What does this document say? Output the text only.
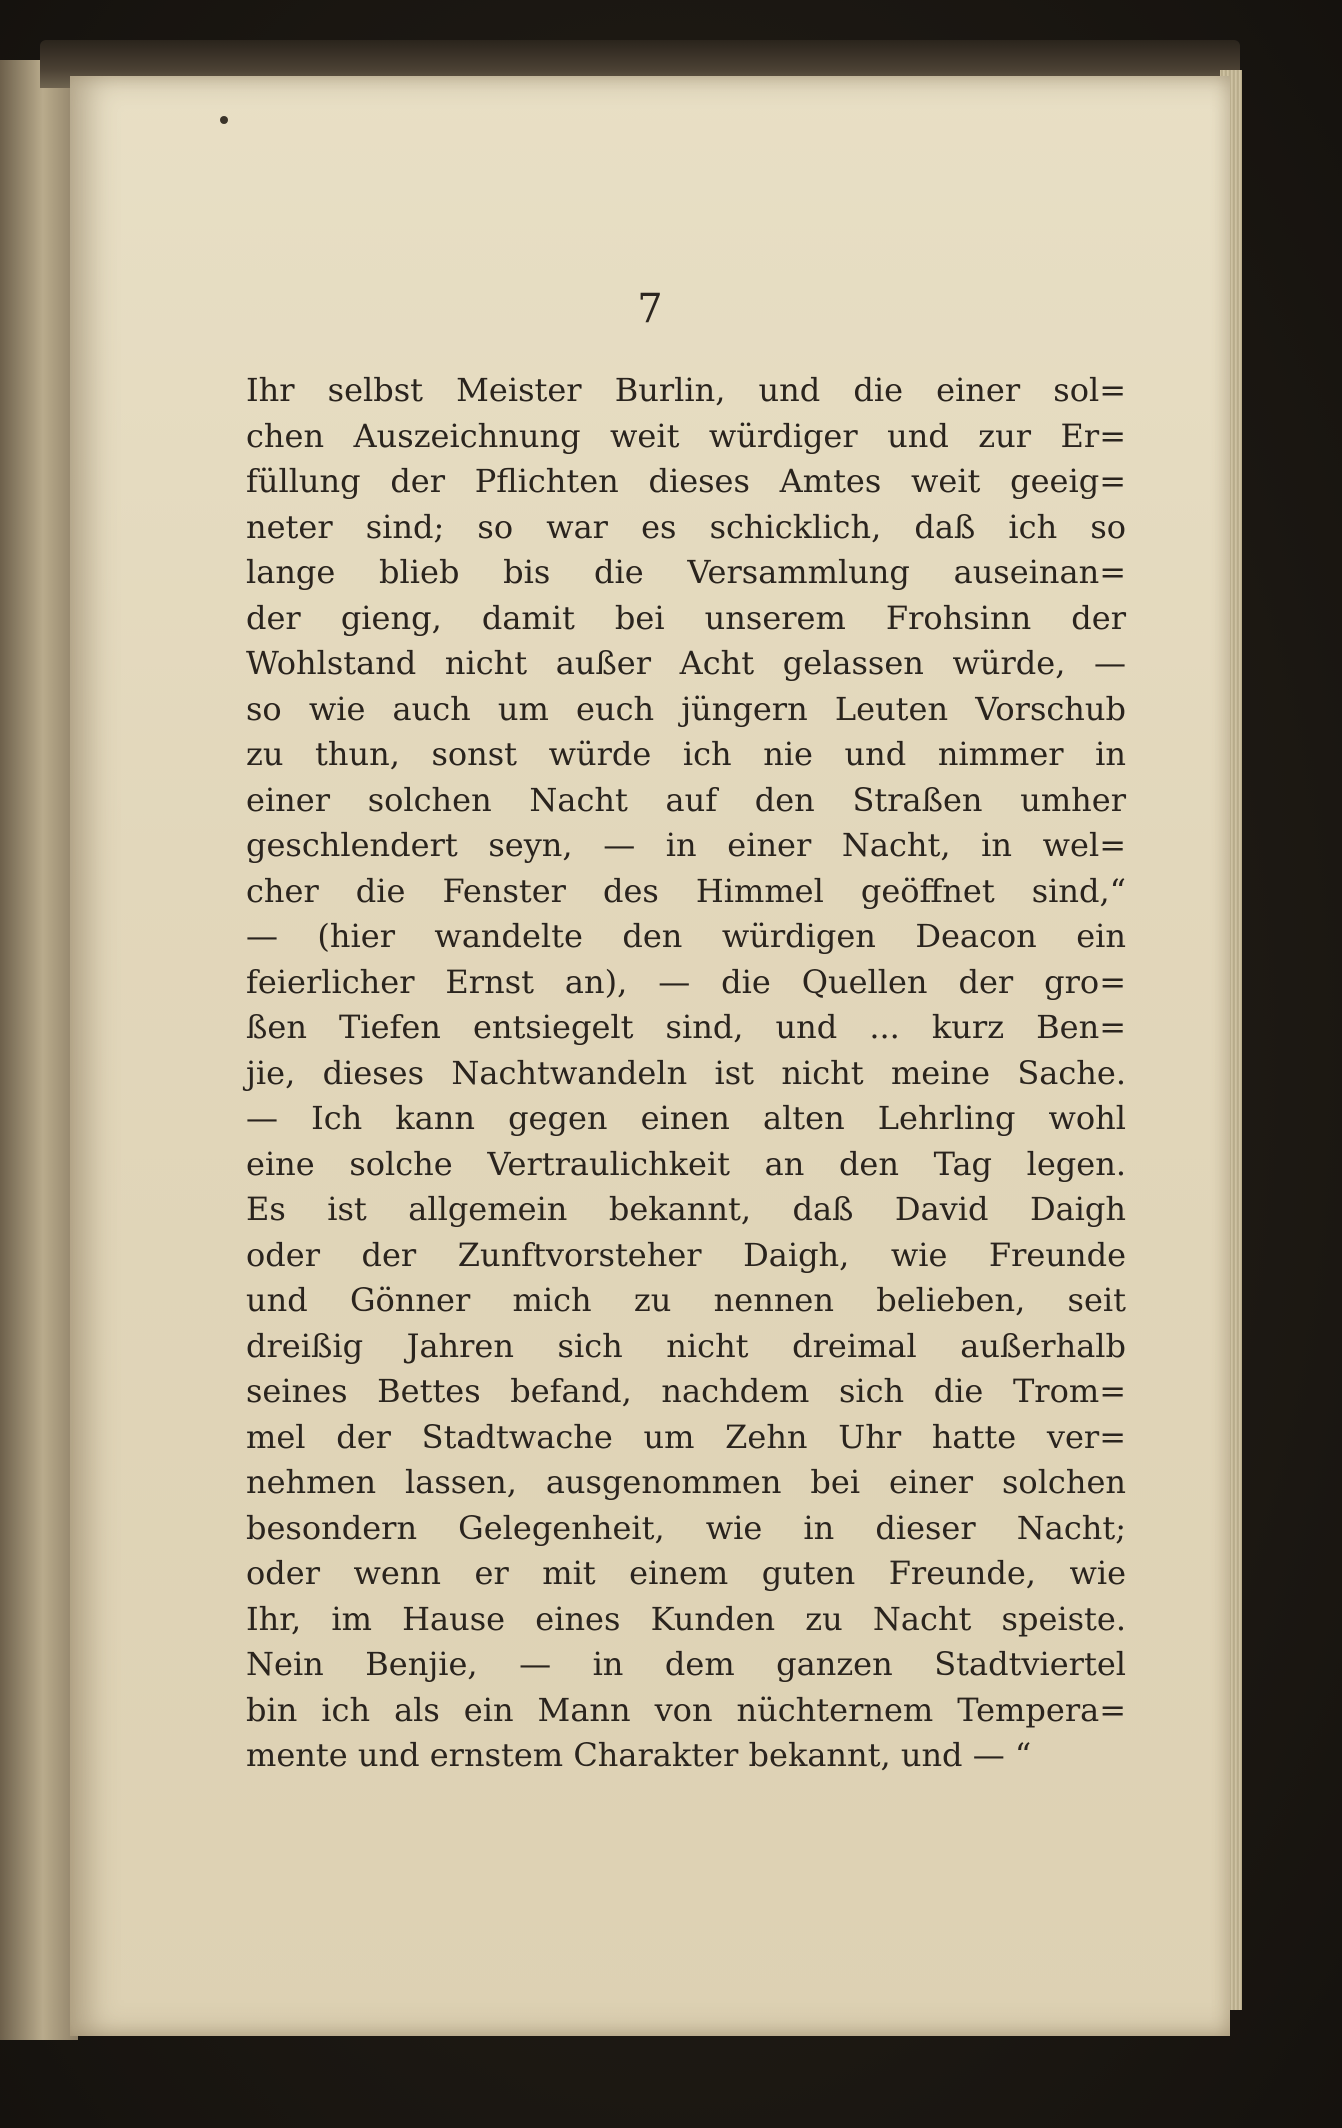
7
Ihr selbst Meister Burlin, und die einer sol=
chen Auszeichnung weit würdiger und zur Er=
füllung der Pflichten dieses Amtes weit geeig=
neter sind; so war es schicklich, daß ich so
lange blieb bis die Versammlung auseinan=
der gieng, damit bei unserem Frohsinn der
Wohlstand nicht außer Acht gelassen würde, —
so wie auch um euch jüngern Leuten Vorschub
zu thun, sonst würde ich nie und nimmer in
einer solchen Nacht auf den Straßen umher
geschlendert seyn, — in einer Nacht, in wel=
cher die Fenster des Himmel geöffnet sind,“
— (hier wandelte den würdigen Deacon ein
feierlicher Ernst an), — die Quellen der gro=
ßen Tiefen entsiegelt sind, und ... kurz Ben=
jie, dieses Nachtwandeln ist nicht meine Sache.
— Ich kann gegen einen alten Lehrling wohl
eine solche Vertraulichkeit an den Tag legen.
Es ist allgemein bekannt, daß David Daigh
oder der Zunftvorsteher Daigh, wie Freunde
und Gönner mich zu nennen belieben, seit
dreißig Jahren sich nicht dreimal außerhalb
seines Bettes befand, nachdem sich die Trom=
mel der Stadtwache um Zehn Uhr hatte ver=
nehmen lassen, ausgenommen bei einer solchen
besondern Gelegenheit, wie in dieser Nacht;
oder wenn er mit einem guten Freunde, wie
Ihr, im Hause eines Kunden zu Nacht speiste.
Nein Benjie, — in dem ganzen Stadtviertel
bin ich als ein Mann von nüchternem Tempera=
mente und ernstem Charakter bekannt, und — “
